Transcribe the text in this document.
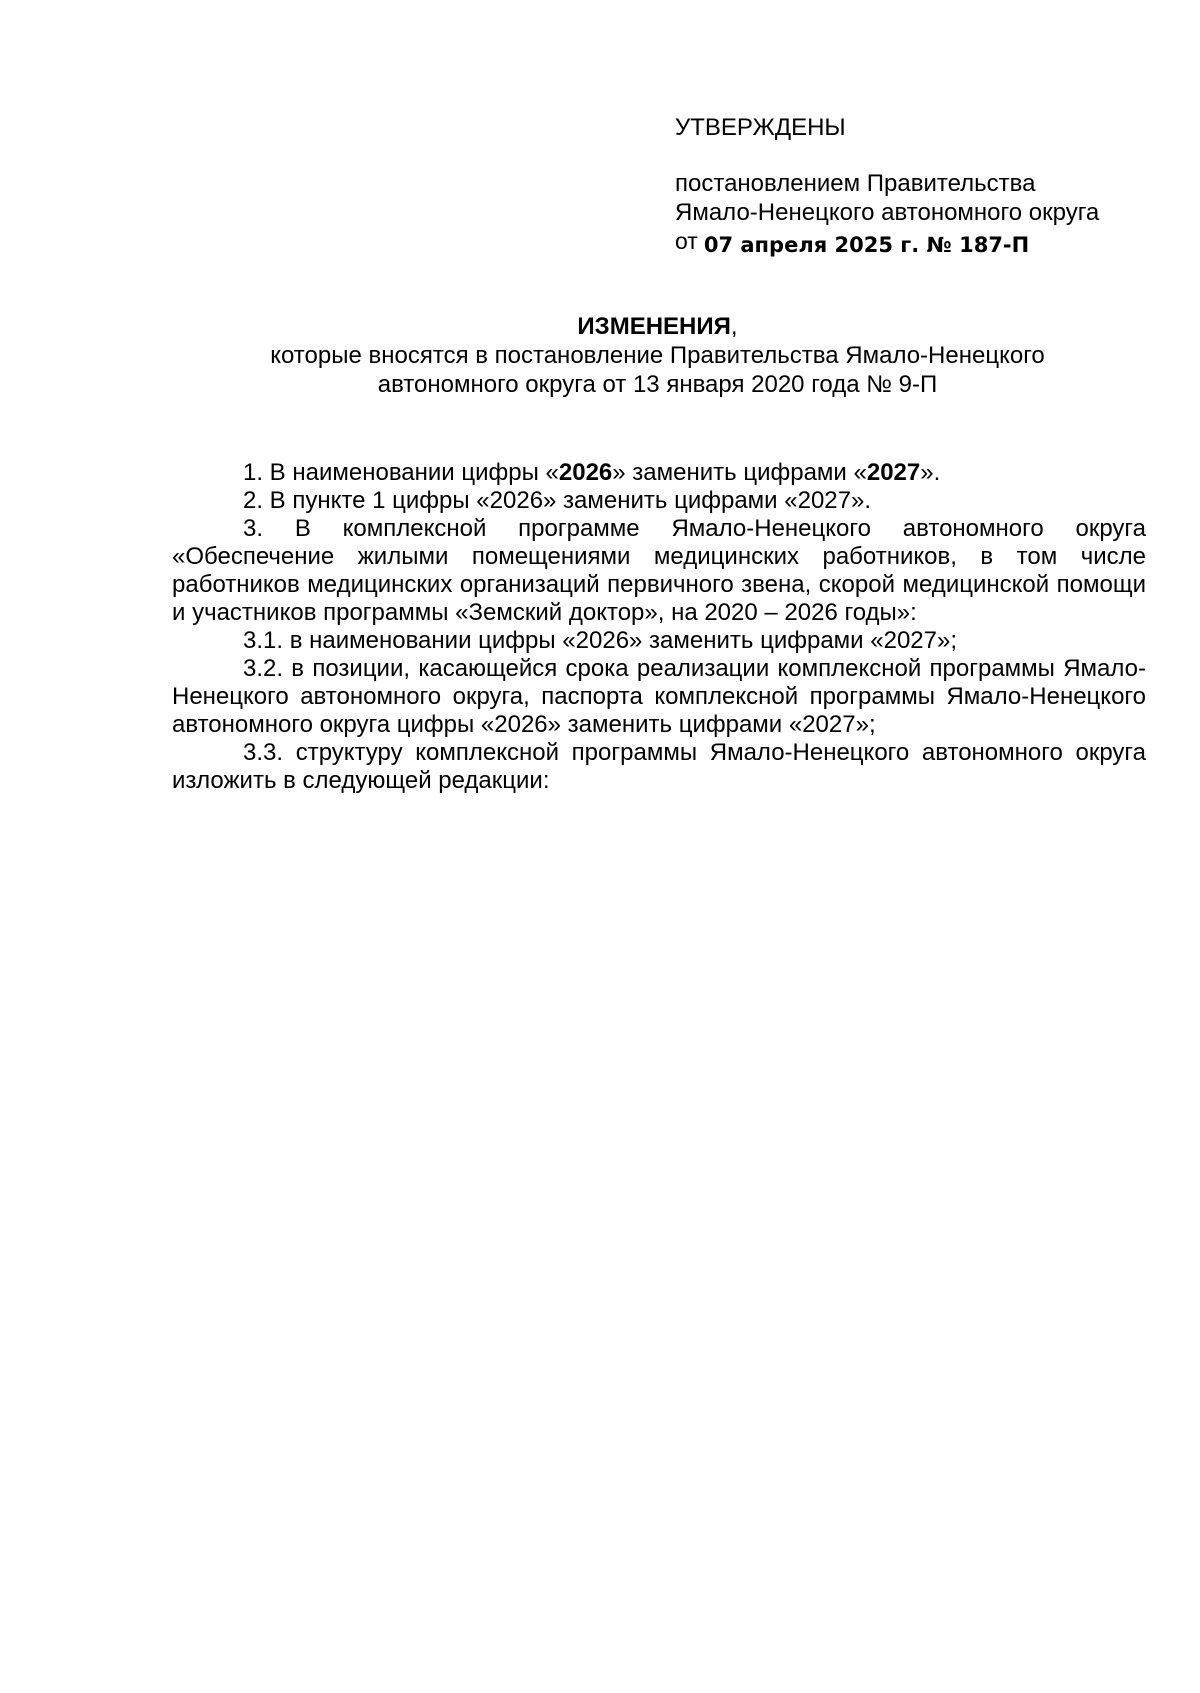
УТВЕРЖДЕНЫ
постановлением Правительства
Ямало-Ненецкого автономного округа
от 07 апреля 2025 г. № 187-П
ИЗМЕНЕНИЯ,
которые вносятся в постановление Правительства Ямало-Ненецкого
автономного округа от 13 января 2020 года № 9-П

1. В наименовании цифры «2026» заменить цифрами «2027».

2. В пункте 1 цифры «2026» заменить цифрами «2027».

3. В комплексной программе Ямало-Ненецкого автономного округа «Обеспечение жилыми помещениями медицинских работников, в том числе работников медицинских организаций первичного звена, скорой медицинской помощи и участников программы «Земский доктор», на 2020 – 2026 годы»:

3.1. в наименовании цифры «2026» заменить цифрами «2027»;

3.2. в позиции, касающейся срока реализации комплексной программы Ямало-Ненецкого автономного округа, паспорта комплексной программы Ямало-Ненецкого автономного округа цифры «2026» заменить цифрами «2027»;

3.3. структуру комплексной программы Ямало-Ненецкого автономного округа изложить в следующей редакции:
